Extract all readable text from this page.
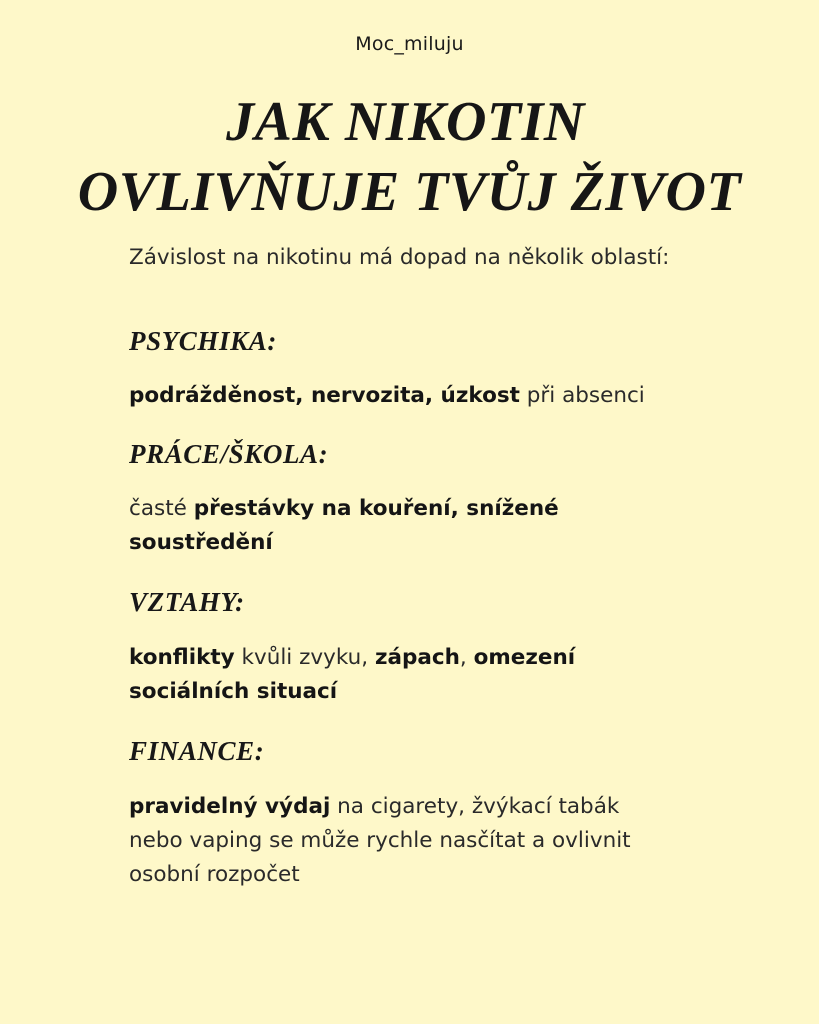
Moc_miluju
JAK NIKOTIN
OVLIVŇUJE TVŮJ ŽIVOT

Závislost na nikotinu má dopad na několik oblastí:

PSYCHIKA:

podrážděnost, nervozita, úzkost při absenci

PRÁCE/ŠKOLA:

časté přestávky na kouření, snížené soustředění

VZTAHY:

konflikty kvůli zvyku, zápach, omezení sociálních situací

FINANCE:

pravidelný výdaj na cigarety, žvýkací tabák nebo vaping se může rychle nasčítat a ovlivnit osobní rozpočet
